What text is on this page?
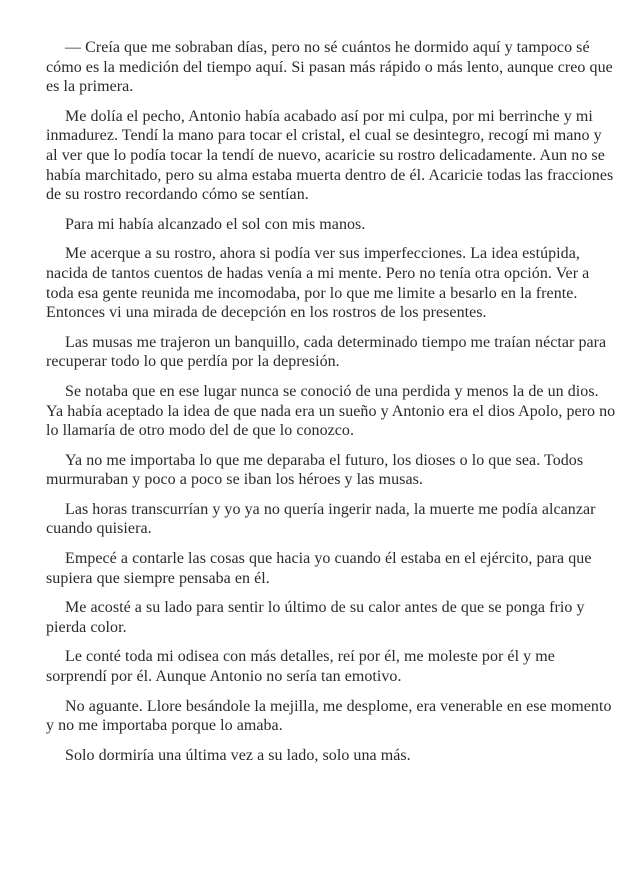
— Creía que me sobraban días, pero no sé cuántos he dormido aquí y tampoco sé cómo es la medición del tiempo aquí. Si pasan más rápido o más lento, aunque creo que es la primera.

Me dolía el pecho, Antonio había acabado así por mi culpa, por mi berrinche y mi inmadurez. Tendí la mano para tocar el cristal, el cual se desintegro, recogí mi mano y al ver que lo podía tocar la tendí de nuevo, acaricie su rostro delicadamente. Aun no se había marchitado, pero su alma estaba muerta dentro de él. Acaricie todas las fracciones de su rostro recordando cómo se sentían.

Para mi había alcanzado el sol con mis manos.

Me acerque a su rostro, ahora si podía ver sus imperfecciones. La idea estúpida, nacida de tantos cuentos de hadas venía a mi mente. Pero no tenía otra opción. Ver a toda esa gente reunida me incomodaba, por lo que me limite a besarlo en la frente. Entonces vi una mirada de decepción en los rostros de los presentes.

Las musas me trajeron un banquillo, cada determinado tiempo me traían néctar para recuperar todo lo que perdía por la depresión.

Se notaba que en ese lugar nunca se conoció de una perdida y menos la de un dios. Ya había aceptado la idea de que nada era un sueño y Antonio era el dios Apolo, pero no lo llamaría de otro modo del de que lo conozco.

Ya no me importaba lo que me deparaba el futuro, los dioses o lo que sea. Todos murmuraban y poco a poco se iban los héroes y las musas.

Las horas transcurrían y yo ya no quería ingerir nada, la muerte me podía alcanzar cuando quisiera.

Empecé a contarle las cosas que hacia yo cuando él estaba en el ejército, para que supiera que siempre pensaba en él.

Me acosté a su lado para sentir lo último de su calor antes de que se ponga frio y pierda color.

Le conté toda mi odisea con más detalles, reí por él, me moleste por él y me sorprendí por él. Aunque Antonio no sería tan emotivo.

No aguante. Llore besándole la mejilla, me desplome, era venerable en ese momento y no me importaba porque lo amaba.

Solo dormiría una última vez a su lado, solo una más.
